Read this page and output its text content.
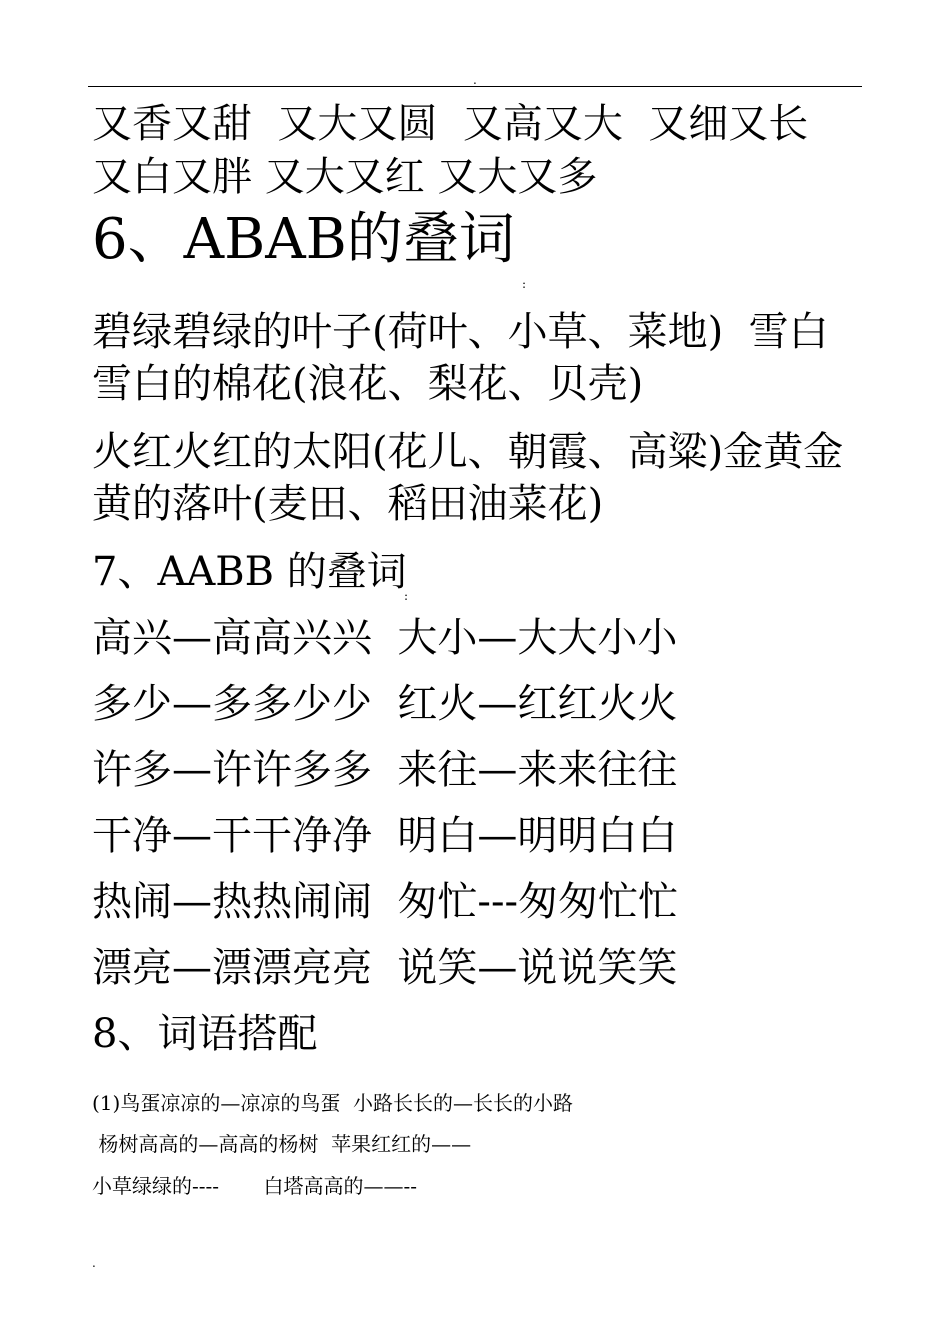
.
又香又甜  又大又圆  又高又大  又细又长
又白又胖 又大又红 又大又多
6、ABAB的叠词
:
碧绿碧绿的叶子(荷叶、小草、菜地)  雪白
雪白的棉花(浪花、梨花、贝壳)
火红火红的太阳(花儿、朝霞、高粱)金黄金
黄的落叶(麦田、稻田油菜花)
7、AABB 的叠词
:
高兴—高高兴兴  大小—大大小小
多少—多多少少  红火—红红火火
许多—许许多多  来往—来来往往
干净—干干净净  明白—明明白白
热闹—热热闹闹  匆忙---匆匆忙忙
漂亮—漂漂亮亮  说笑—说说笑笑
8、词语搭配
(1)鸟蛋凉凉的—凉凉的鸟蛋  小路长长的—长长的小路
杨树高高的—高高的杨树  苹果红红的——
小草绿绿的----       白塔高高的——--
.
